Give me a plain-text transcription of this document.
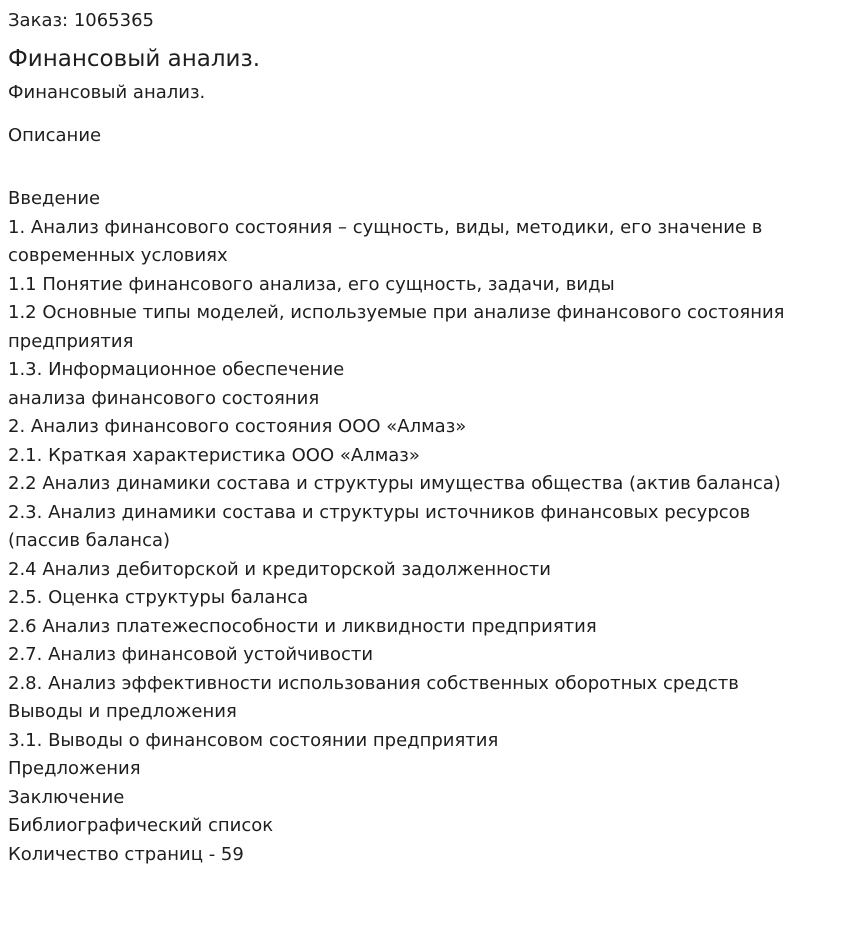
Заказ: 1065365

Финансовый анализ.

Финансовый анализ.

Описание

Введение
1. Анализ финансового состояния – сущность, виды, методики, его значение в
современных условиях
1.1 Понятие финансового анализа, его сущность, задачи, виды
1.2 Основные типы моделей, используемые при анализе финансового состояния
предприятия
1.3. Информационное обеспечение
анализа финансового состояния
2. Анализ финансового состояния ООО «Алмаз»
2.1. Краткая характеристика ООО «Алмаз»
2.2 Анализ динамики состава и структуры имущества общества (актив баланса)
2.3. Анализ динамики состава и структуры источников финансовых ресурсов
(пассив баланса)
2.4 Анализ дебиторской и кредиторской задолженности
2.5. Оценка структуры баланса
2.6 Анализ платежеспособности и ликвидности предприятия
2.7. Анализ финансовой устойчивости
2.8. Анализ эффективности использования собственных оборотных средств
Выводы и предложения
3.1. Выводы о финансовом состоянии предприятия
Предложения
Заключение
Библиографический список
Количество страниц - 59
